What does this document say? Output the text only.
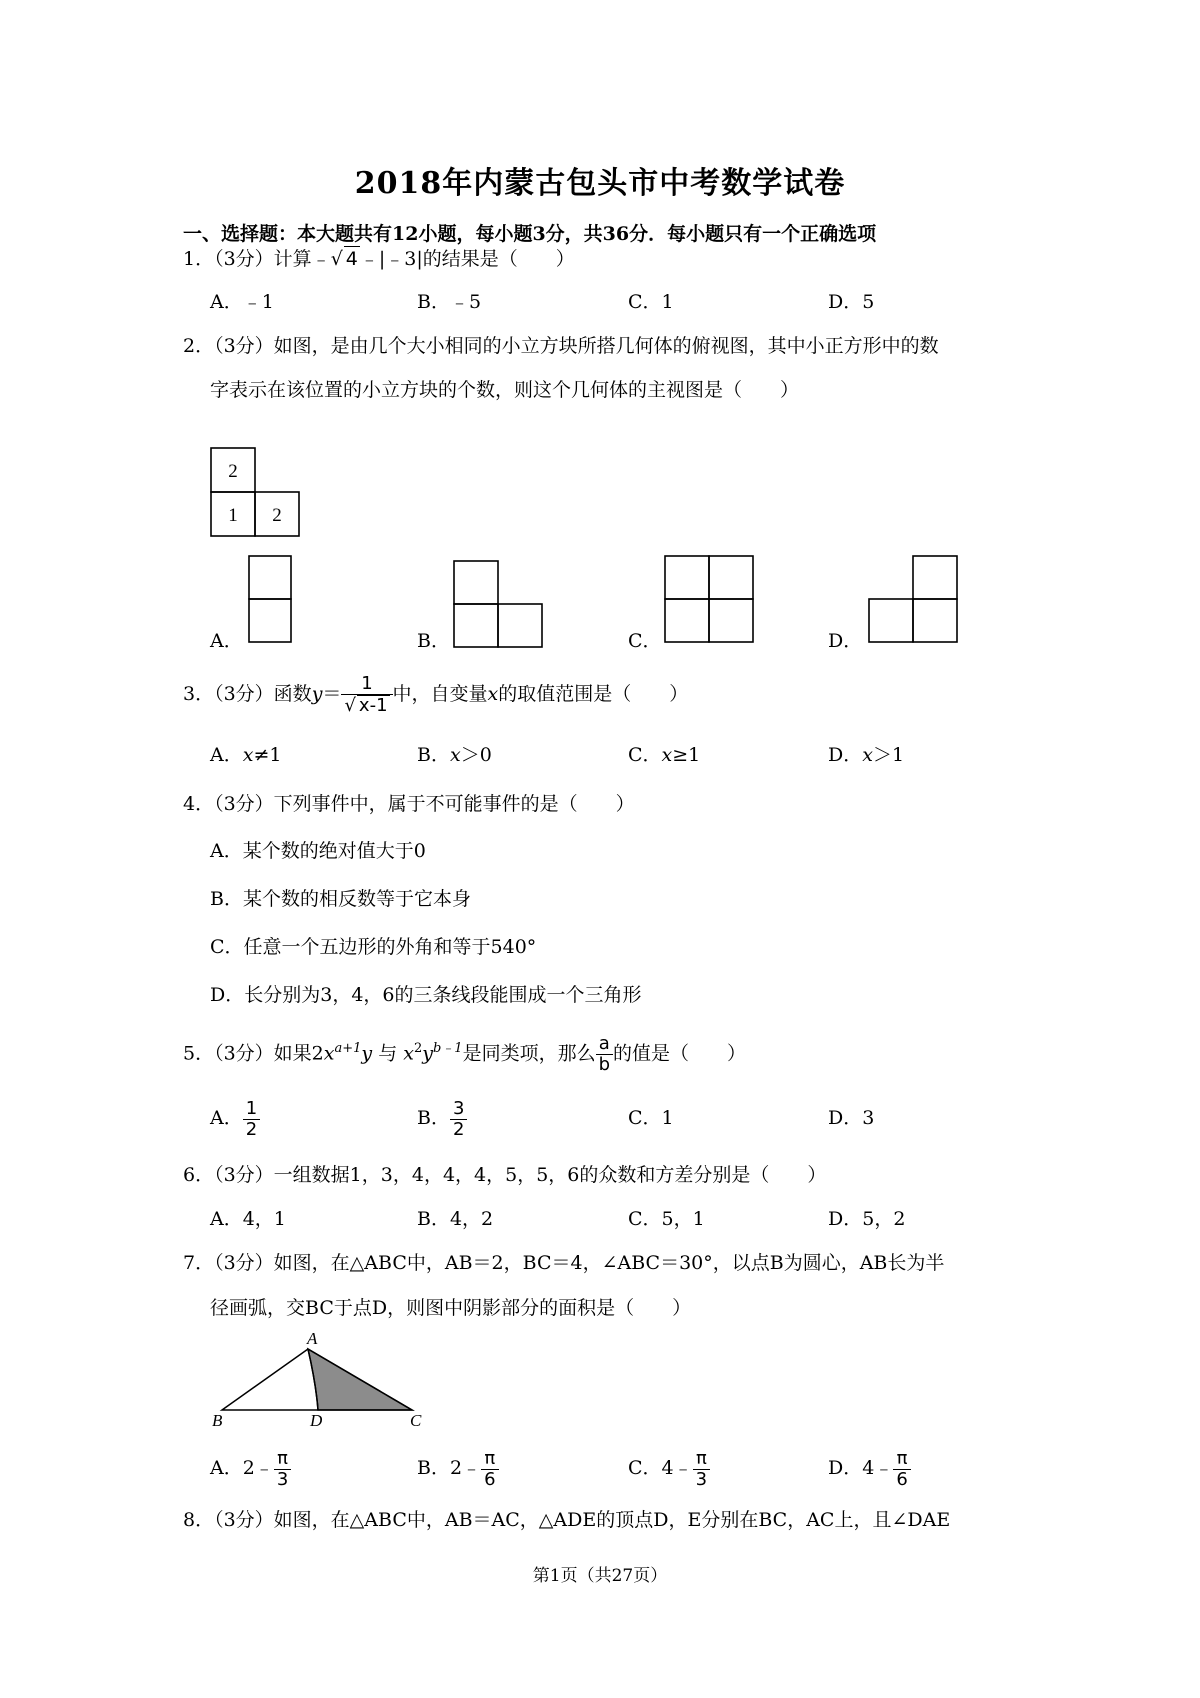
2018年内蒙古包头市中考数学试卷
一、选择题：本大题共有12小题，每小题3分，共36分．每小题只有一个正确选项
1．（3分）计算﹣√ 4 ﹣|﹣3|的结果是（　　）
A．﹣1	B．﹣5	C．1	D．5
2．（3分）如图，是由几个大小相同的小立方块所搭几何体的俯视图，其中小正方形中的数
字表示在该位置的小立方块的个数，则这个几何体的主视图是（　　）
2
1 2
A．	B．	C．	D．
3．（3分）函数$y= \frac{1}{√ x-1}$ 中，自变量x的取值范围是（　　）
A．x≠1	B．x＞0	C．x≥1	D．x＞1
4．（3分）下列事件中，属于不可能事件的是（　　）
A．某个数的绝对值大于0
B．某个数的相反数等于它本身
C．任意一个五边形的外角和等于540°
D．长分别为3，4，6的三条线段能围成一个三角形
5．（3分）如果$2x^{a+1}y$ 与 $x^2y^{b﹣1}$是同类项，那么 $\frac{a}{b}$ 的值是（　　）
A． $\frac{1}{2}$	B． $\frac{3}{2}$	C．1	D．3
6．（3分）一组数据1，3，4，4，4，5，5，6的众数和方差分别是（　　）
A．4，1	B．4，2	C．5，1	D．5，2
7．（3分）如图，在△ABC中，AB＝2，BC＝4，∠ABC＝30°，以点B为圆心，AB长为半
径画弧，交BC于点D，则图中阴影部分的面积是（　　）
A
B	D	C
A．2﹣ $\frac{\pi}{3}$	B．2﹣ $\frac{\pi}{6}$	C．4﹣ $\frac{\pi}{3}$	D．4﹣ $\frac{\pi}{6}$
8．（3分）如图，在△ABC中，AB＝AC，△ADE的顶点D，E分别在BC，AC上，且∠DAE
第1页（共27页）
